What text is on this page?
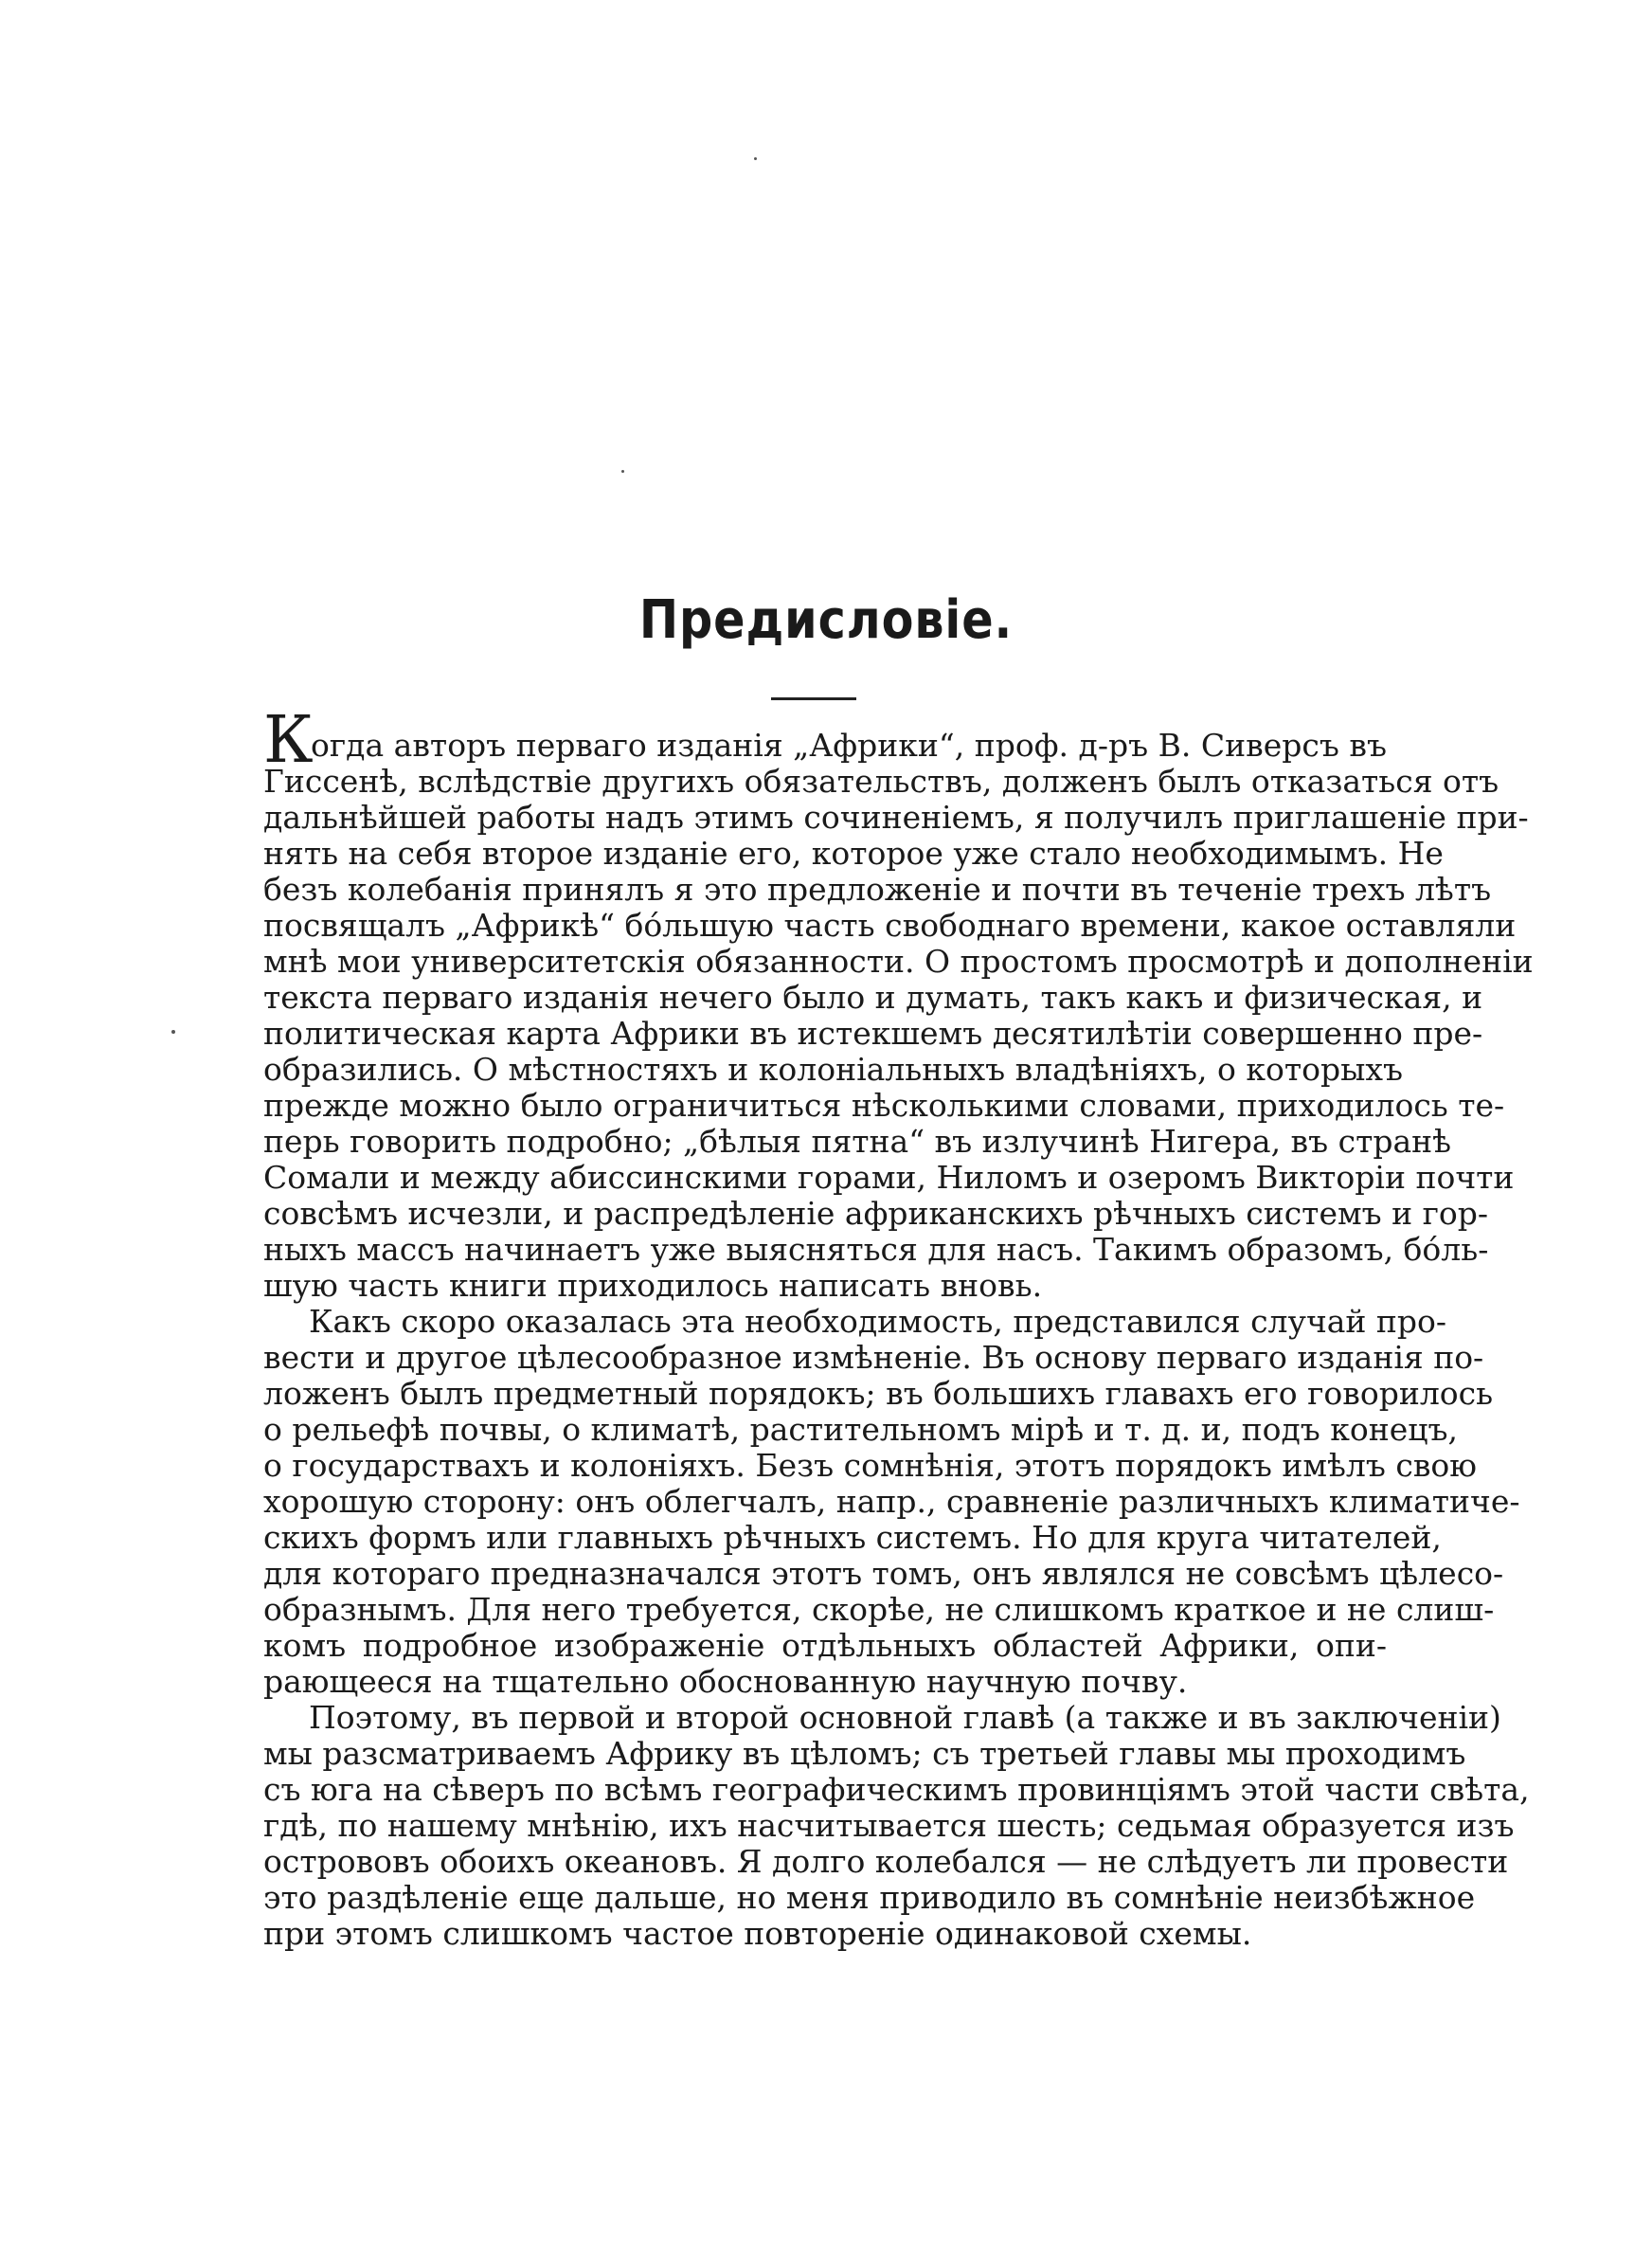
Предисловіе.
К
огда авторъ перваго изданія „Африки“, проф. д-ръ В. Сиверсъ въ
Гиссенѣ, вслѣдствіе другихъ обязательствъ, долженъ былъ отказаться отъ
дальнѣйшей работы надъ этимъ сочиненіемъ, я получилъ приглашеніе при-
нять на себя второе изданіе его, которое уже стало необходимымъ. Не
безъ колебанія принялъ я это предложеніе и почти въ теченіе трехъ лѣтъ
посвящалъ „Африкѣ“ бо́льшую часть свободнаго времени, какое оставляли
мнѣ мои университетскія обязанности. О простомъ просмотрѣ и дополненіи
текста перваго изданія нечего было и думать, такъ какъ и физическая, и
политическая карта Африки въ истекшемъ десятилѣтіи совершенно пре-
образились. О мѣстностяхъ и колоніальныхъ владѣніяхъ, о которыхъ
прежде можно было ограничиться нѣсколькими словами, приходилось те-
перь говорить подробно; „бѣлыя пятна“ въ излучинѣ Нигера, въ странѣ
Сомали и между абиссинскими горами, Ниломъ и озеромъ Викторіи почти
совсѣмъ исчезли, и распредѣленіе африканскихъ рѣчныхъ системъ и гор-
ныхъ массъ начинаетъ уже выясняться для насъ. Такимъ образомъ, бо́ль-
шую часть книги приходилось написать вновь.
Какъ скоро оказалась эта необходимость, представился случай про-
вести и другое цѣлесообразное измѣненіе. Въ основу перваго изданія по-
ложенъ былъ предметный порядокъ; въ большихъ главахъ его говорилось
о рельефѣ почвы, о климатѣ, растительномъ мірѣ и т. д. и, подъ конецъ,
о государствахъ и колоніяхъ. Безъ сомнѣнія, этотъ порядокъ имѣлъ свою
хорошую сторону: онъ облегчалъ, напр., сравненіе различныхъ климатиче-
скихъ формъ или главныхъ рѣчныхъ системъ. Но для круга читателей,
для котораго предназначался этотъ томъ, онъ являлся не совсѣмъ цѣлесо-
образнымъ. Для него требуется, скорѣе, не слишкомъ краткое и не слиш-
комъ подробное изображеніе отдѣльныхъ областей Африки, опи-
рающееся на тщательно обоснованную научную почву.
Поэтому, въ первой и второй основной главѣ (а также и въ заключеніи)
мы разсматриваемъ Африку въ цѣломъ; съ третьей главы мы проходимъ
съ юга на сѣверъ по всѣмъ географическимъ провинціямъ этой части свѣта,
гдѣ, по нашему мнѣнію, ихъ насчитывается шесть; седьмая образуется изъ
островoвъ обоихъ океановъ. Я долго колебался — не слѣдуетъ ли провести
это раздѣленіе еще дальше, но меня приводило въ сомнѣніе неизбѣжное
при этомъ слишкомъ частое повтореніе одинаковой схемы.
